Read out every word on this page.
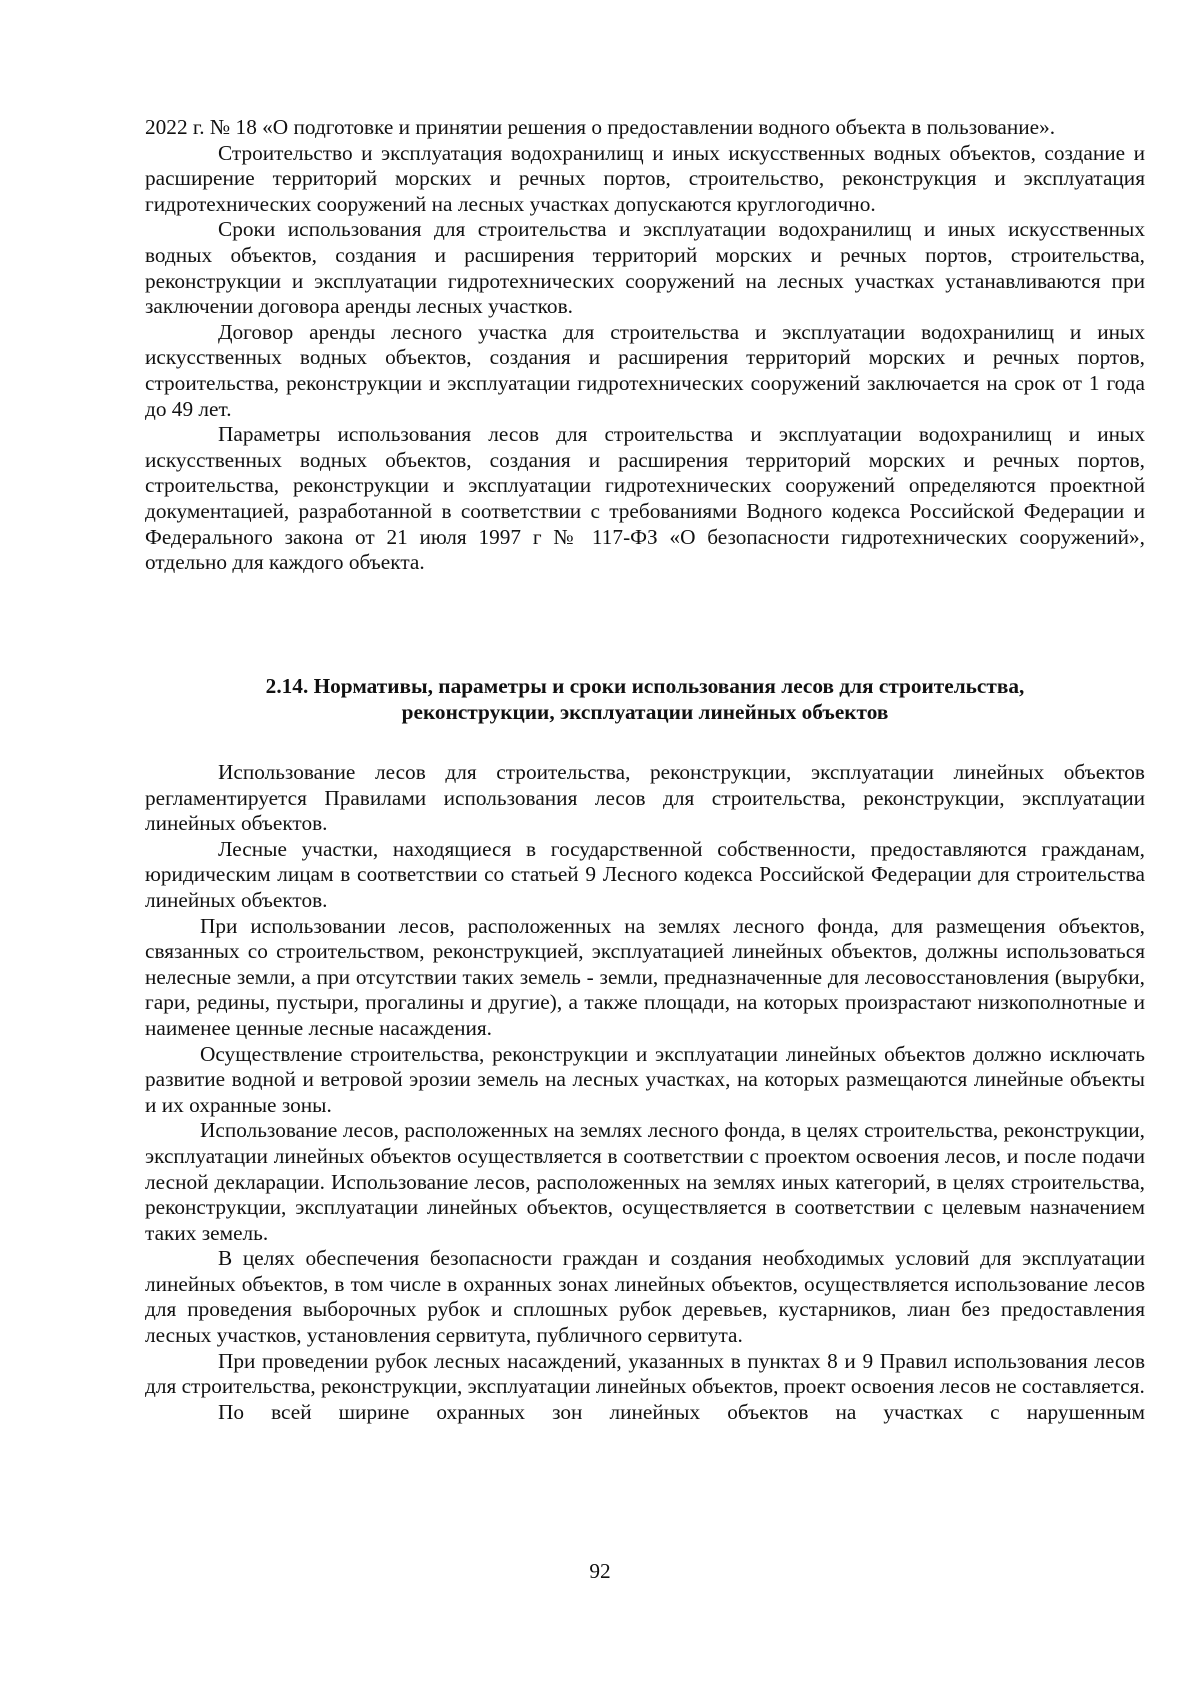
2022 г. № 18 «О подготовке и принятии решения о предоставлении водного объекта в пользование».

Строительство и эксплуатация водохранилищ и иных искусственных водных объектов, создание и расширение территорий морских и речных портов, строительство, реконструкция и эксплуатация гидротехнических сооружений на лесных участках допускаются круглогодично.

Сроки использования для строительства и эксплуатации водохранилищ и иных искусственных водных объектов, создания и расширения территорий морских и речных портов, строительства, реконструкции и эксплуатации гидротехнических сооружений на лесных участках устанавливаются при заключении договора аренды лесных участков.

Договор аренды лесного участка для строительства и эксплуатации водохранилищ и иных искусственных водных объектов, создания и расширения территорий морских и речных портов, строительства, реконструкции и эксплуатации гидротехнических сооружений заключается на срок от 1 года до 49 лет.

Параметры использования лесов для строительства и эксплуатации водохранилищ и иных искусственных водных объектов, создания и расширения территорий морских и речных портов, строительства, реконструкции и эксплуатации гидротехнических сооружений определяются проектной документацией, разработанной в соответствии с требованиями Водного кодекса Российской Федерации и Федерального закона от 21 июля 1997 г № 117-ФЗ «О безопасности гидротехнических сооружений», отдельно для каждого объекта.

2.14. Нормативы, параметры и сроки использования лесов для строительства,
реконструкции, эксплуатации линейных объектов

Использование лесов для строительства, реконструкции, эксплуатации линейных объектов регламентируется Правилами использования лесов для строительства, реконструкции, эксплуатации линейных объектов.

Лесные участки, находящиеся в государственной собственности, предоставляются гражданам, юридическим лицам в соответствии со статьей 9 Лесного кодекса Российской Федерации для строительства линейных объектов.

При использовании лесов, расположенных на землях лесного фонда, для размещения объектов, связанных со строительством, реконструкцией, эксплуатацией линейных объектов, должны использоваться нелесные земли, а при отсутствии таких земель - земли, предназначенные для лесовосстановления (вырубки, гари, редины, пустыри, прогалины и другие), а также площади, на которых произрастают низкополнотные и наименее ценные лесные насаждения.

Осуществление строительства, реконструкции и эксплуатации линейных объектов должно исключать развитие водной и ветровой эрозии земель на лесных участках, на которых размещаются линейные объекты и их охранные зоны.

Использование лесов, расположенных на землях лесного фонда, в целях строительства, реконструкции, эксплуатации линейных объектов осуществляется в соответствии с проектом освоения лесов, и после подачи лесной декларации. Использование лесов, расположенных на землях иных категорий, в целях строительства, реконструкции, эксплуатации линейных объектов, осуществляется в соответствии с целевым назначением таких земель.

В целях обеспечения безопасности граждан и создания необходимых условий для эксплуатации линейных объектов, в том числе в охранных зонах линейных объектов, осуществляется использование лесов для проведения выборочных рубок и сплошных рубок деревьев, кустарников, лиан без предоставления лесных участков, установления сервитута, публичного сервитута.

При проведении рубок лесных насаждений, указанных в пунктах 8 и 9 Правил использования лесов для строительства, реконструкции, эксплуатации линейных объектов, проект освоения лесов не составляется.

По всей ширине охранных зон линейных объектов на участках с нарушенным

92
